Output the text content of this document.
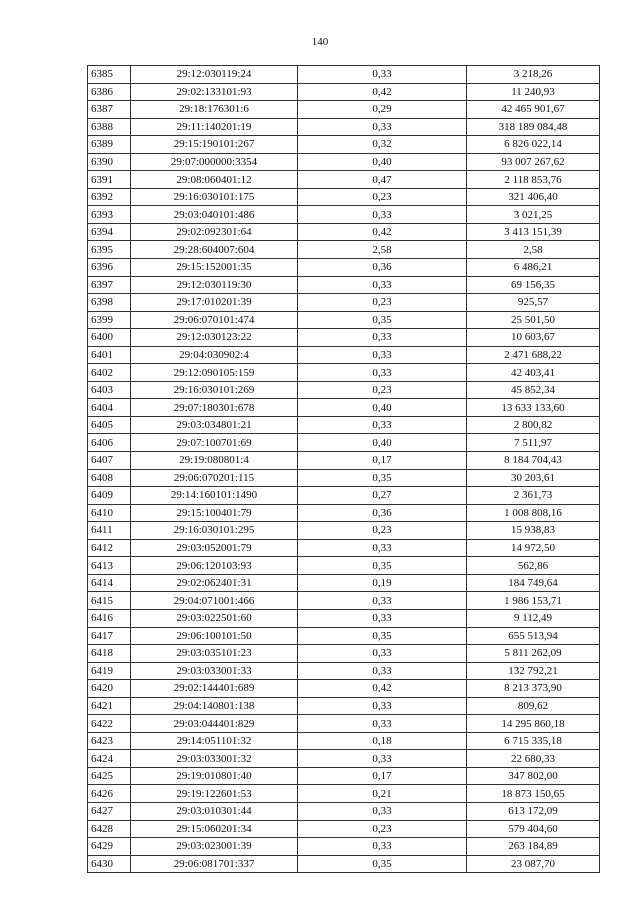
140
6385	29:12:030119:24	0,33	3 218,26
6386	29:02:133101:93	0,42	11 240,93
6387	29:18:176301:6	0,29	42 465 901,67
6388	29:11:140201:19	0,33	318 189 084,48
6389	29:15:190101:267	0,32	6 826 022,14
6390	29:07:000000:3354	0,40	93 007 267,62
6391	29:08:060401:12	0,47	2 118 853,76
6392	29:16:030101:175	0,23	321 406,40
6393	29:03:040101:486	0,33	3 021,25
6394	29:02:092301:64	0,42	3 413 151,39
6395	29:28:604007:604	2,58	2,58
6396	29:15:152001:35	0,36	6 486,21
6397	29:12:030119:30	0,33	69 156,35
6398	29:17:010201:39	0,23	925,57
6399	29:06:070101:474	0,35	25 501,50
6400	29:12:030123:22	0,33	10 603,67
6401	29:04:030902:4	0,33	2 471 688,22
6402	29:12:090105:159	0,33	42 403,41
6403	29:16:030101:269	0,23	45 852,34
6404	29:07:180301:678	0,40	13 633 133,60
6405	29:03:034801:21	0,33	2 800,82
6406	29:07:100701:69	0,40	7 511,97
6407	29:19:080801:4	0,17	8 184 704,43
6408	29:06:070201:115	0,35	30 203,61
6409	29:14:160101:1490	0,27	2 361,73
6410	29:15:100401:79	0,36	1 008 808,16
6411	29:16:030101:295	0,23	15 938,83
6412	29:03:052001:79	0,33	14 972,50
6413	29:06:120103:93	0,35	562,86
6414	29:02:062401:31	0,19	184 749,64
6415	29:04:071001:466	0,33	1 986 153,71
6416	29:03:022501:60	0,33	9 112,49
6417	29:06:100101:50	0,35	655 513,94
6418	29:03:035101:23	0,33	5 811 262,09
6419	29:03:033001:33	0,33	132 792,21
6420	29:02:144401:689	0,42	8 213 373,90
6421	29:04:140801:138	0,33	809,62
6422	29:03:044401:829	0,33	14 295 860,18
6423	29:14:051101:32	0,18	6 715 335,18
6424	29:03:033001:32	0,33	22 680,33
6425	29:19:010801:40	0,17	347 802,00
6426	29:19:122601:53	0,21	18 873 150,65
6427	29:03:010301:44	0,33	613 172,09
6428	29:15:060201:34	0,23	579 404,60
6429	29:03:023001:39	0,33	263 184,89
6430	29:06:081701:337	0,35	23 087,70
